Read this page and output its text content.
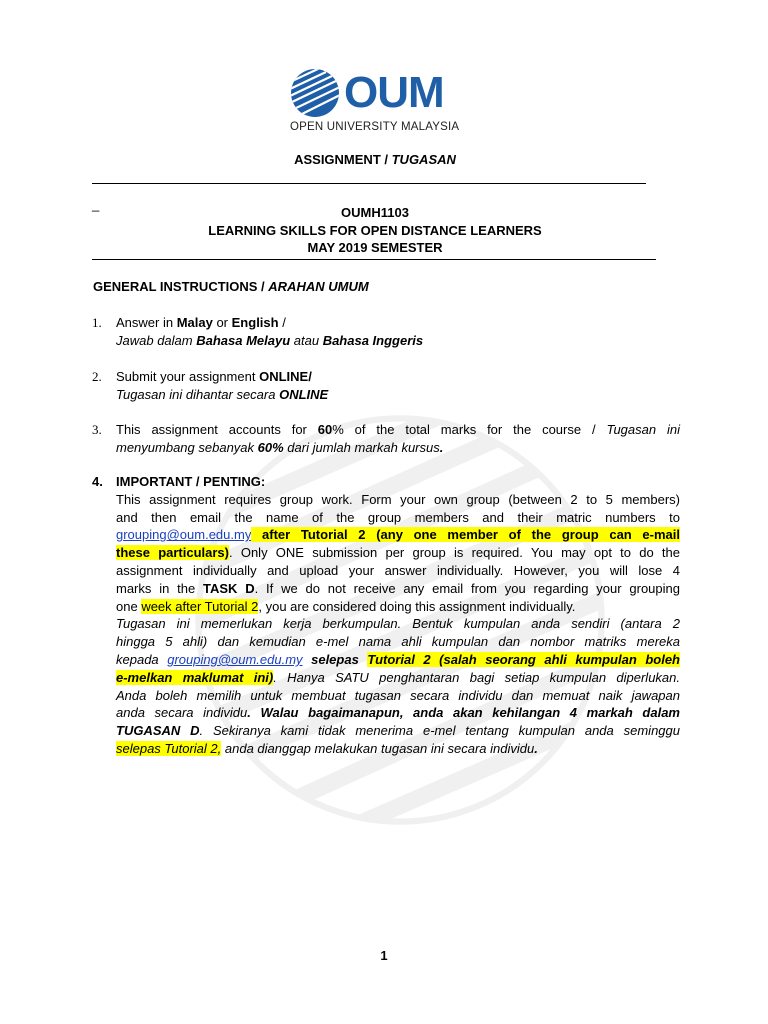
OUM
OPEN UNIVERSITY MALAYSIA
ASSIGNMENT / TUGASAN
_
OUMH1103
LEARNING SKILLS FOR OPEN DISTANCE LEARNERS
MAY 2019 SEMESTER
GENERAL INSTRUCTIONS / ARAHAN UMUM
1.	Answer in Malay or English /
Jawab dalam Bahasa Melayu atau Bahasa Inggeris
2.	Submit your assignment ONLINE/
Tugasan ini dihantar secara ONLINE
3.	This assignment accounts for 60% of the total marks for the course / Tugasan ini
menyumbang sebanyak 60% dari jumlah markah kursus.
4.	IMPORTANT / PENTING:
This assignment requires group work. Form your own group (between 2 to 5 members)
and then email the name of the group members and their matric numbers to
grouping@oum.edu.my after Tutorial 2 (any one member of the group can e-mail
these particulars). Only ONE submission per group is required. You may opt to do the
assignment individually and upload your answer individually. However, you will lose 4
marks in the TASK D. If we do not receive any email from you regarding your grouping
one week after Tutorial 2, you are considered doing this assignment individually.
Tugasan ini memerlukan kerja berkumpulan. Bentuk kumpulan anda sendiri (antara 2
hingga 5 ahli) dan kemudian e-mel nama ahli kumpulan dan nombor matriks mereka
kepada grouping@oum.edu.my selepas Tutorial 2 (salah seorang ahli kumpulan boleh
e-melkan maklumat ini). Hanya SATU penghantaran bagi setiap kumpulan diperlukan.
Anda boleh memilih untuk membuat tugasan secara individu dan memuat naik jawapan
anda secara individu. Walau bagaimanapun, anda akan kehilangan 4 markah dalam
TUGASAN D. Sekiranya kami tidak menerima e-mel tentang kumpulan anda seminggu
selepas Tutorial 2, anda dianggap melakukan tugasan ini secara individu.
1
